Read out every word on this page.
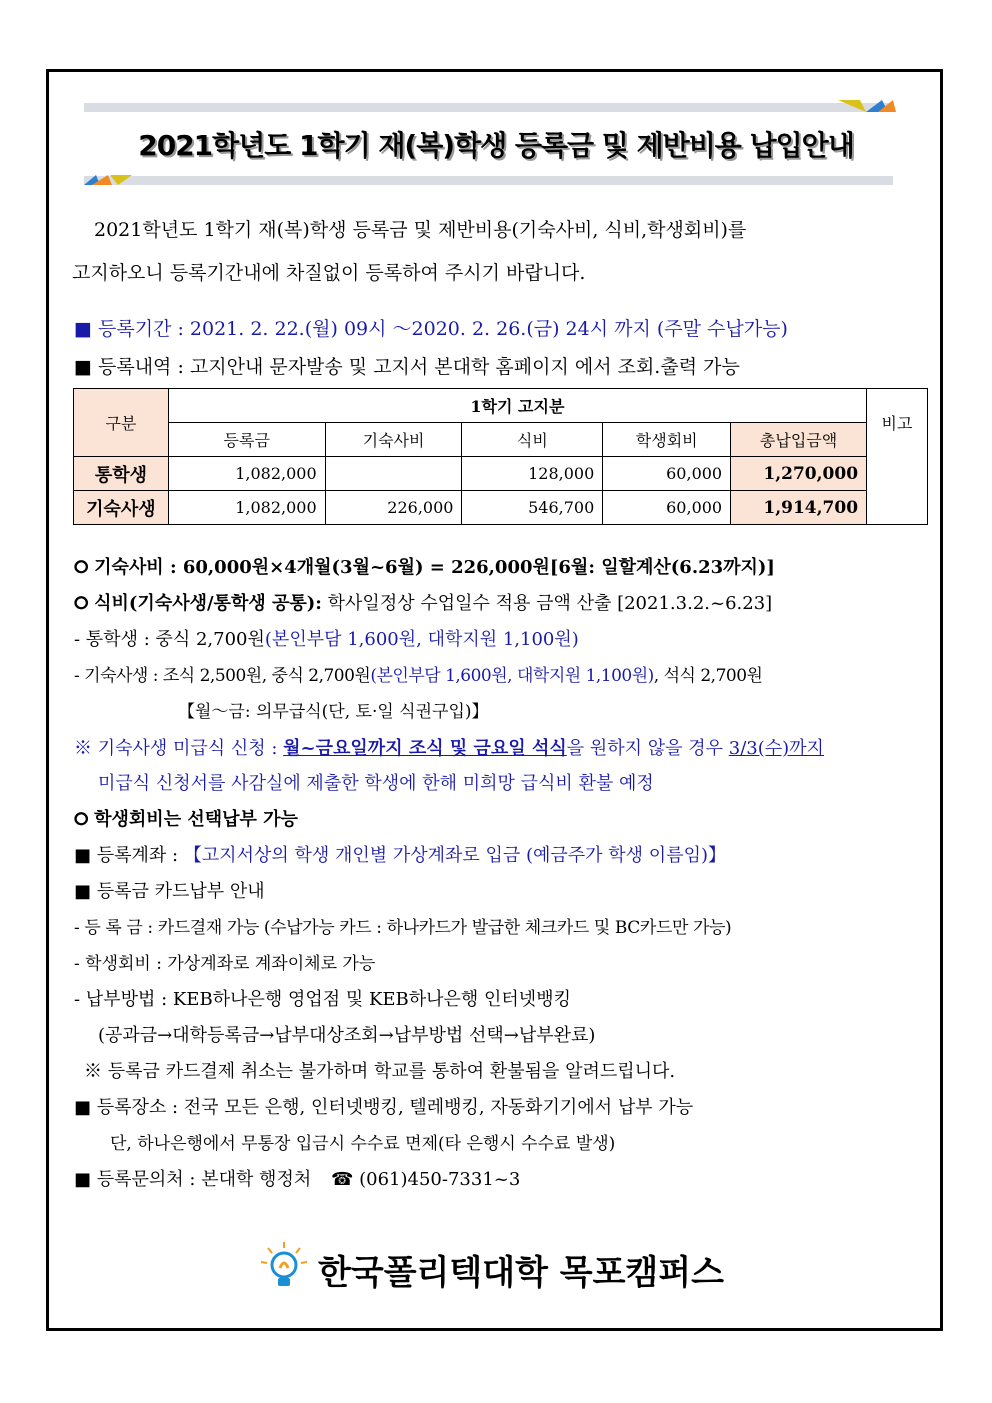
2021학년도 1학기 재(복)학생 등록금 및 제반비용 납입안내
2021학년도 1학기 재(복)학생 등록금 및 제반비용(기숙사비, 식비,학생회비)를
고지하오니 등록기간내에 차질없이 등록하여 주시기 바랍니다.
■ 등록기간 : 2021. 2. 22.(월) 09시 ～2020. 2. 26.(금) 24시 까지 (주말 수납가능)
■ 등록내역 : 고지안내 문자발송 및 고지서 본대학 홈페이지 에서 조회.출력 가능
구분	1학기 고지분					비고
	등록금	기숙사비	식비	학생회비	총납입금액	
통학생	1,082,000		128,000	60,000	1,270,000	
기숙사생	1,082,000	226,000	546,700	60,000	1,914,700	
⭘ 기숙사비 : 60,000원×4개월(3월~6월) = 226,000원[6월: 일할계산(6.23까지)]
⭘ 식비(기숙사생/통학생 공통): 학사일정상 수업일수 적용 금액 산출 [2021.3.2.~6.23]
- 통학생 : 중식 2,700원(본인부담 1,600원, 대학지원 1,100원)
- 기숙사생 : 조식 2,500원, 중식 2,700원(본인부담 1,600원, 대학지원 1,100원), 석식 2,700원
【월～금: 의무급식(단, 토·일 식권구입)】
※ 기숙사생 미급식 신청 : 월~금요일까지 조식 및 금요일 석식을 원하지 않을 경우 3/3(수)까지
미급식 신청서를 사감실에 제출한 학생에 한해 미희망 급식비 환불 예정
⭘ 학생회비는 선택납부 가능
■ 등록계좌 : 【고지서상의 학생 개인별 가상계좌로 입금 (예금주가 학생 이름임)】
■ 등록금 카드납부 안내
- 등 록 금 : 카드결재 가능 (수납가능 카드 : 하나카드가 발급한 체크카드 및 BC카드만 가능)
- 학생회비 : 가상계좌로 계좌이체로 가능
- 납부방법 : KEB하나은행 영업점 및 KEB하나은행 인터넷뱅킹
(공과금→대학등록금→납부대상조회→납부방법 선택→납부완료)
※ 등록금 카드결제 취소는 불가하며 학교를 통하여 환불됨을 알려드립니다.
■ 등록장소 : 전국 모든 은행, 인터넷뱅킹, 텔레뱅킹, 자동화기기에서 납부 가능
단, 하나은행에서 무통장 입금시 수수료 면제(타 은행시 수수료 발생)
■ 등록문의처 : 본대학 행정처 ☎ (061)450-7331~3
한국폴리텍대학 목포캠퍼스
